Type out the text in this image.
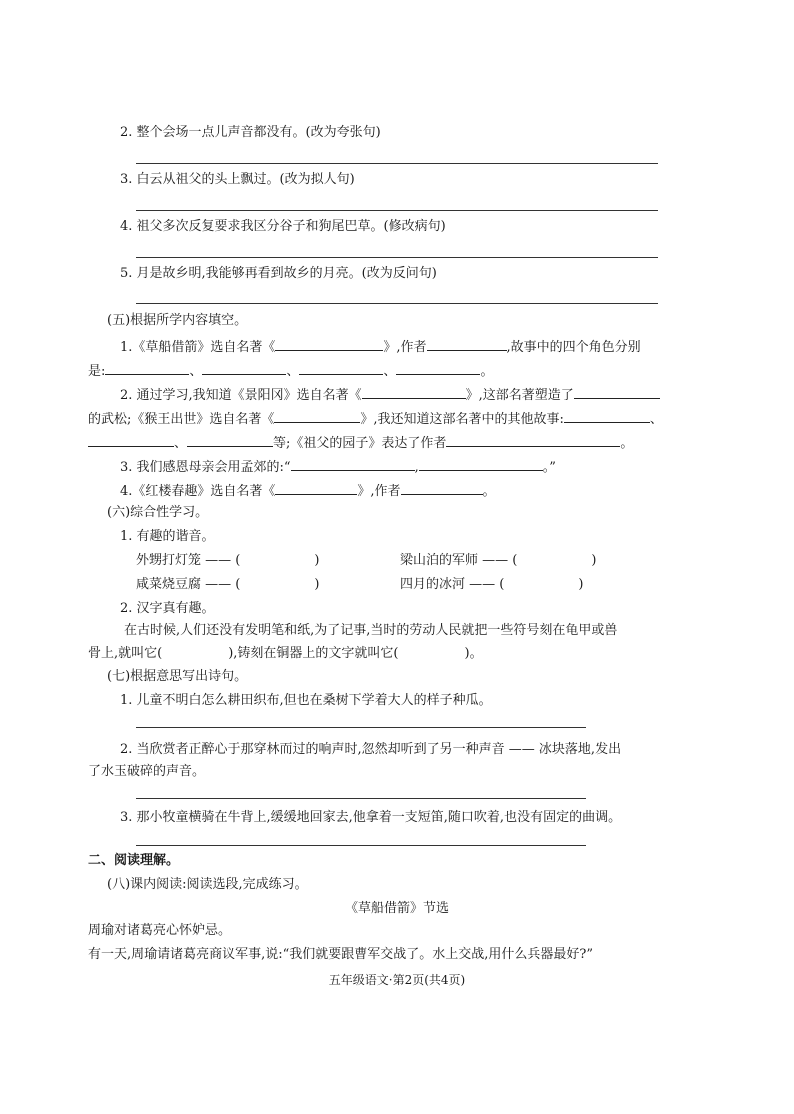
2. 整个会场一点儿声音都没有。(改为夸张句)
3. 白云从祖父的头上飘过。(改为拟人句)
4. 祖父多次反复要求我区分谷子和狗尾巴草。(修改病句)
5. 月是故乡明,我能够再看到故乡的月亮。(改为反问句)
(五)根据所学内容填空。
1.《草船借箭》选自名著《	》,作者	,故事中的四个角色分别
是:	、	、	、	。
2. 通过学习,我知道《景阳冈》选自名著《	》,这部名著塑造了
的武松;《猴王出世》选自名著《	》,我还知道这部名著中的其他故事:	、
、	等;《祖父的园子》表达了作者	。
3. 我们感恩母亲会用孟郊的:“	,	。”
4.《红楼春趣》选自名著《	》,作者	。
(六)综合性学习。
1. 有趣的谐音。
外甥打灯笼 —— (	)	梁山泊的军师 —— (	)
咸菜烧豆腐 —— (	)	四月的冰河 —— (	)
2. 汉字真有趣。
在古时候,人们还没有发明笔和纸,为了记事,当时的劳动人民就把一些符号刻在龟甲或兽
骨上,就叫它(	),铸刻在铜器上的文字就叫它(	)。
(七)根据意思写出诗句。
1. 儿童不明白怎么耕田织布,但也在桑树下学着大人的样子种瓜。
2. 当欣赏者正醉心于那穿林而过的响声时,忽然却听到了另一种声音 —— 冰块落地,发出
了水玉破碎的声音。
3. 那小牧童横骑在牛背上,缓缓地回家去,他拿着一支短笛,随口吹着,也没有固定的曲调。
二、阅读理解。
(八)课内阅读:阅读选段,完成练习。
《草船借箭》节选
周瑜对诸葛亮心怀妒忌。
有一天,周瑜请诸葛亮商议军事,说:“我们就要跟曹军交战了。水上交战,用什么兵器最好?”
五年级语文·第2页(共4页)
